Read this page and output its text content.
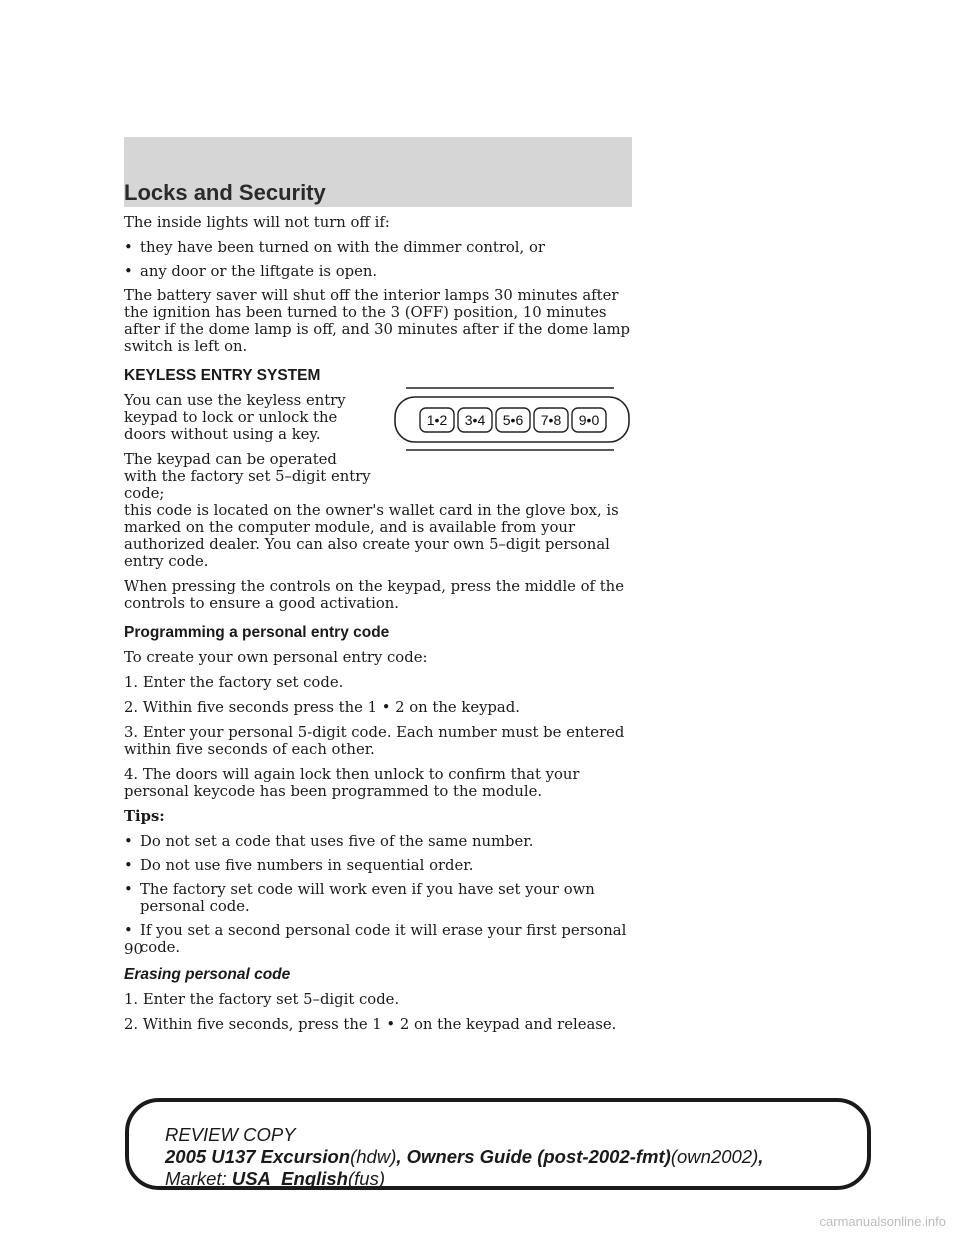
Locks and Security

The inside lights will not turn off if:

• they have been turned on with the dimmer control, or
• any door or the liftgate is open.

The battery saver will shut off the interior lamps 30 minutes after the ignition has been turned to the 3 (OFF) position, 10 minutes after if the dome lamp is off, and 30 minutes after if the dome lamp switch is left on.

KEYLESS ENTRY SYSTEM

You can use the keyless entry keypad to lock or unlock the doors without using a key.

The keypad can be operated with the factory set 5–digit entry code;

this code is located on the owner's wallet card in the glove box, is marked on the computer module, and is available from your authorized dealer. You can also create your own 5–digit personal entry code.

When pressing the controls on the keypad, press the middle of the controls to ensure a good activation.

Programming a personal entry code

To create your own personal entry code:

1. Enter the factory set code.

2. Within five seconds press the 1 • 2 on the keypad.

3. Enter your personal 5-digit code. Each number must be entered within five seconds of each other.

4. The doors will again lock then unlock to confirm that your personal keycode has been programmed to the module.

Tips:

• Do not set a code that uses five of the same number.
• Do not use five numbers in sequential order.
• The factory set code will work even if you have set your own personal code.
• If you set a second personal code it will erase your first personal code.
Erasing personal code

1. Enter the factory set 5–digit code.

2. Within five seconds, press the 1 • 2 on the keypad and release.

1•2 3•4 5•6 7•8 9•0
90
REVIEW COPY
2005 U137 Excursion(hdw), Owners Guide (post-2002-fmt)(own2002),
Market: USA_English(fus)
carmanualsonline.info
